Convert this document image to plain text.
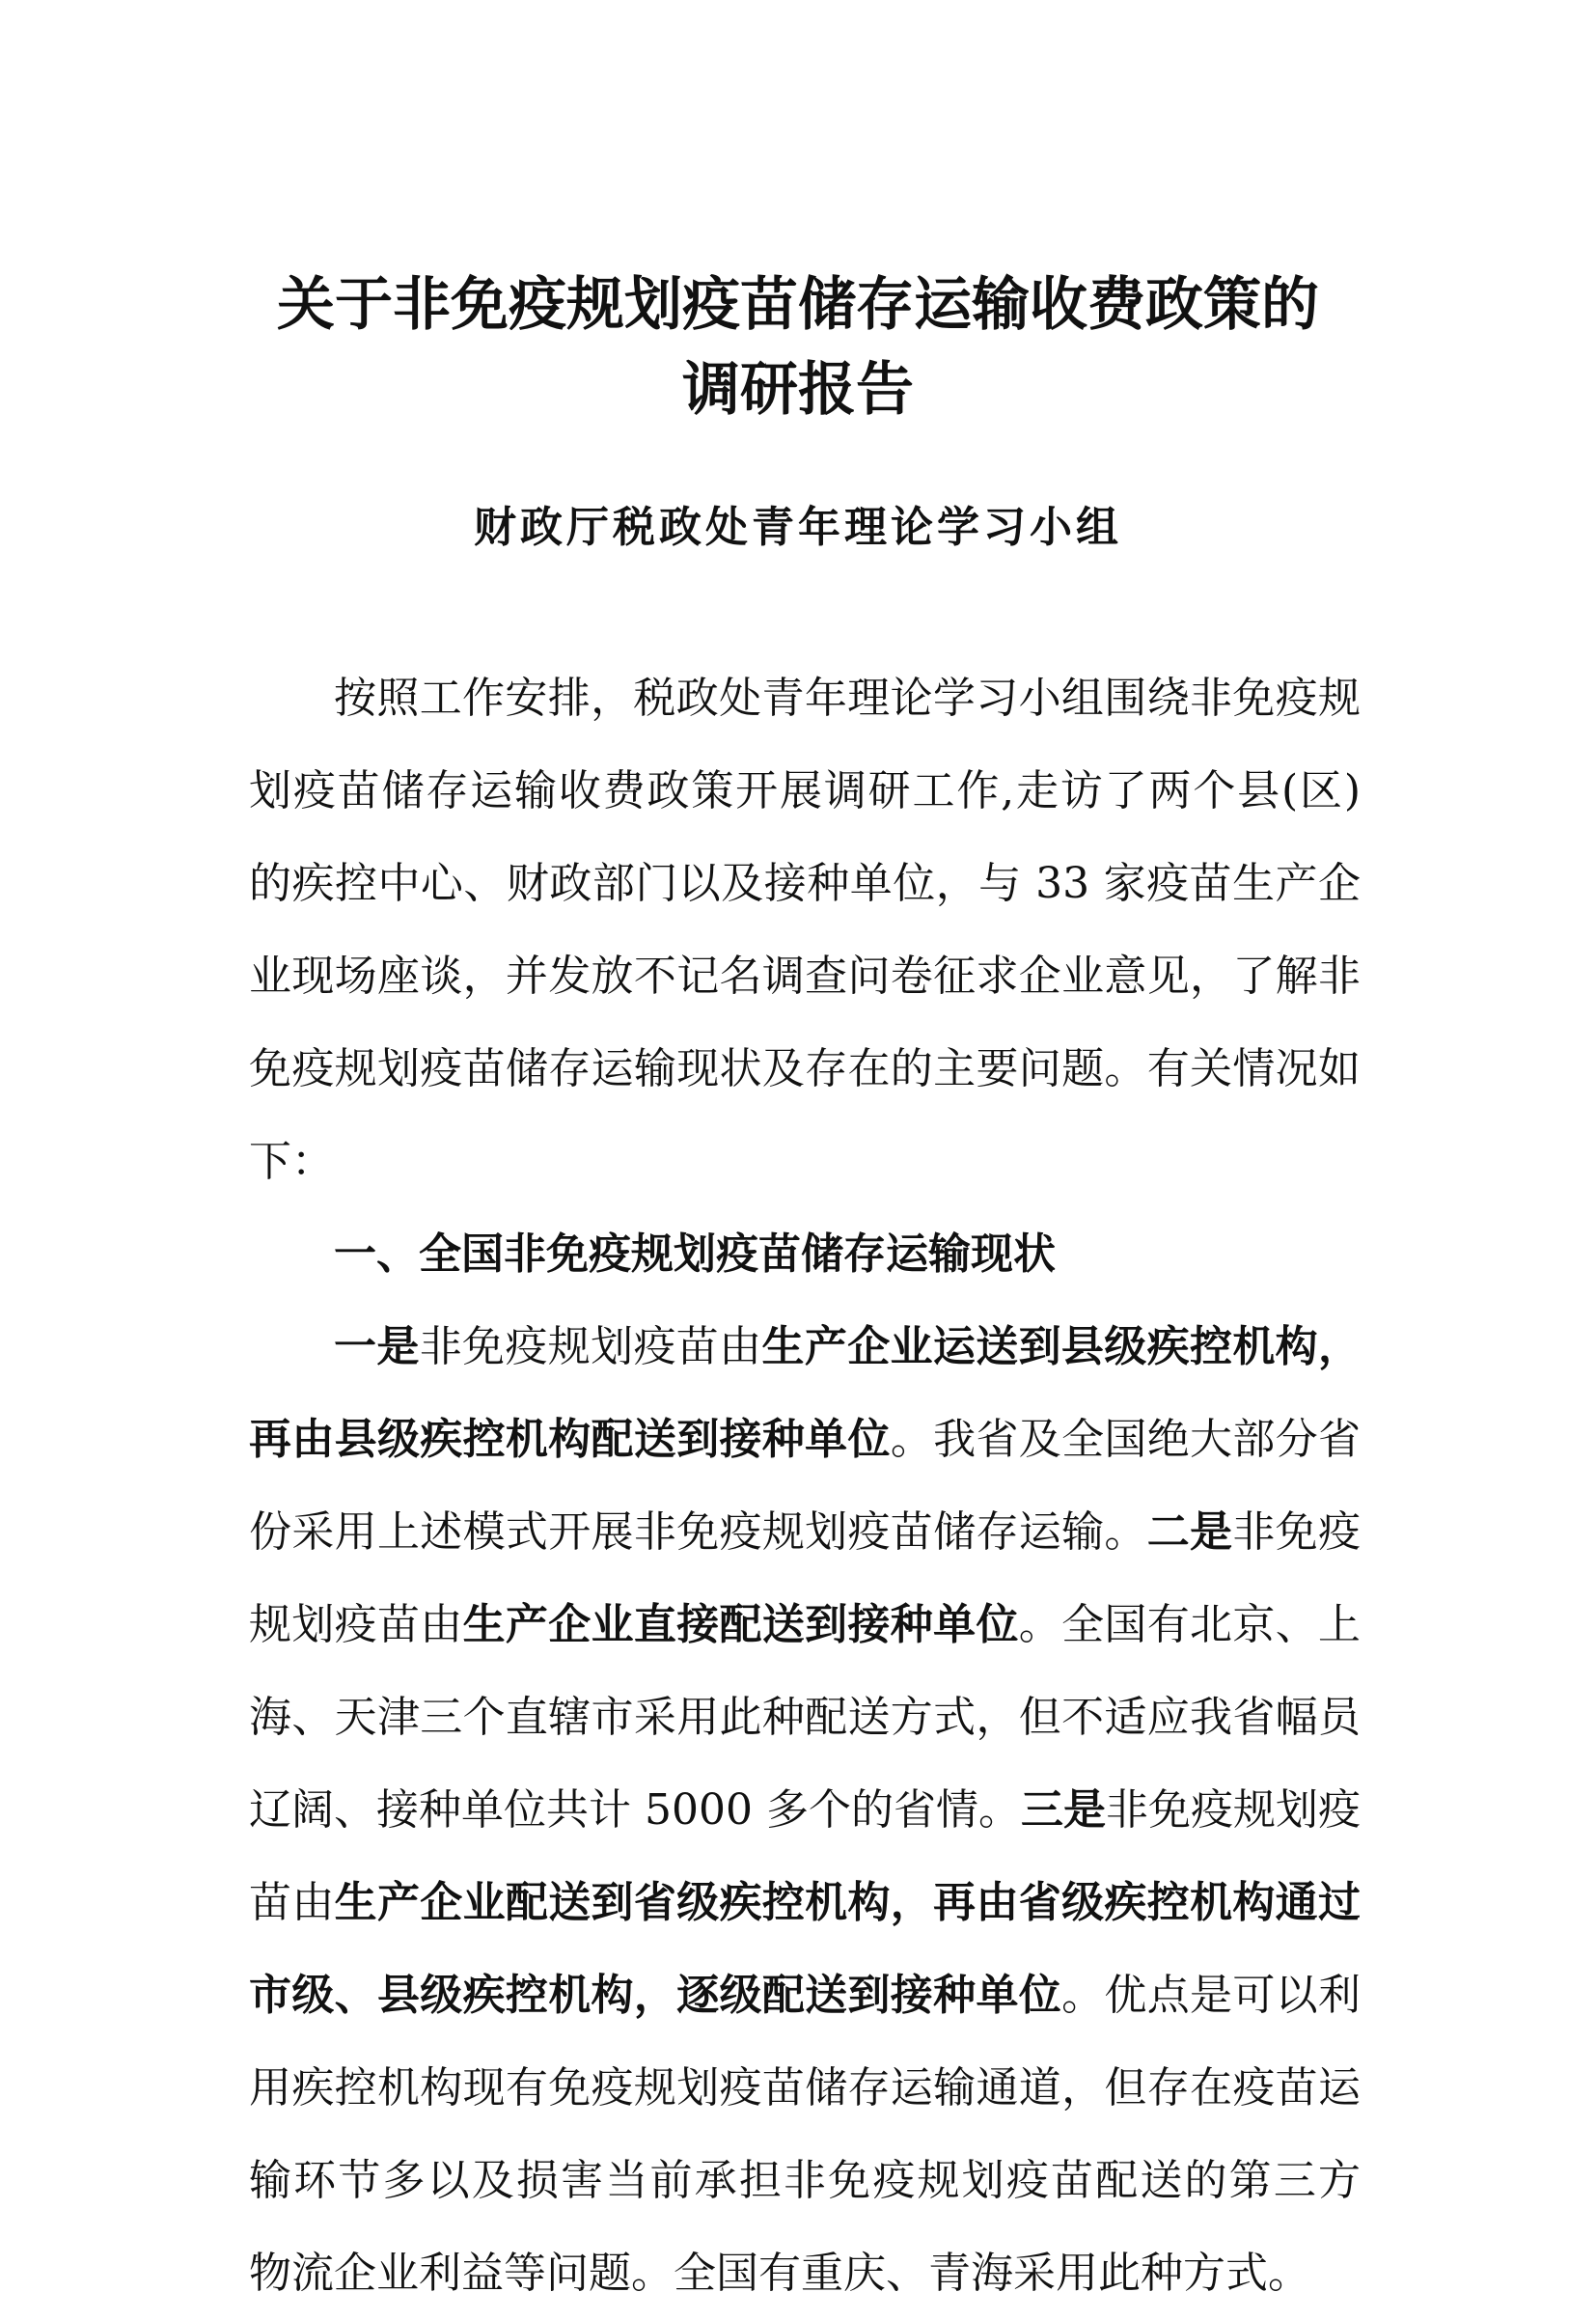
关于非免疫规划疫苗储存运输收费政策的
调研报告

财政厅税政处青年理论学习小组

按照工作安排，税政处青年理论学习小组围绕非免疫规
划疫苗储存运输收费政策开展调研工作,走访了两个县(区)
的疾控中心、财政部门以及接种单位，与 33 家疫苗生产企
业现场座谈，并发放不记名调查问卷征求企业意见，了解非
免疫规划疫苗储存运输现状及存在的主要问题。有关情况如
下：
一、全国非免疫规划疫苗储存运输现状
一是非免疫规划疫苗由生产企业运送到县级疾控机构，
再由县级疾控机构配送到接种单位。我省及全国绝大部分省
份采用上述模式开展非免疫规划疫苗储存运输。二是非免疫
规划疫苗由生产企业直接配送到接种单位。全国有北京、上
海、天津三个直辖市采用此种配送方式，但不适应我省幅员
辽阔、接种单位共计 5000 多个的省情。三是非免疫规划疫
苗由生产企业配送到省级疾控机构，再由省级疾控机构通过
市级、县级疾控机构，逐级配送到接种单位。优点是可以利
用疾控机构现有免疫规划疫苗储存运输通道，但存在疫苗运
输环节多以及损害当前承担非免疫规划疫苗配送的第三方
物流企业利益等问题。全国有重庆、青海采用此种方式。
